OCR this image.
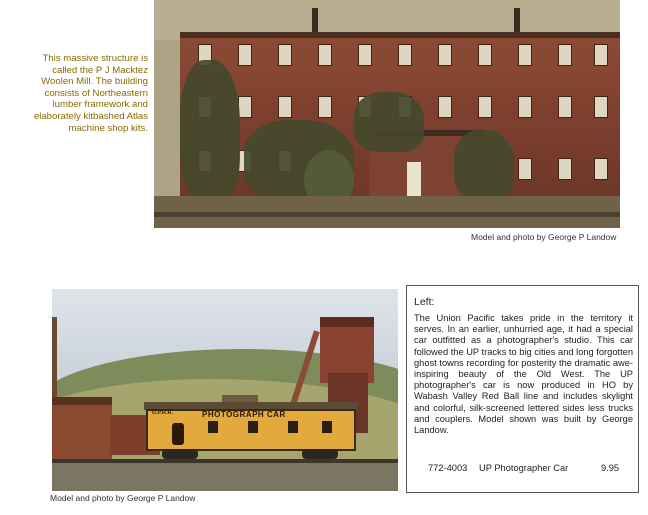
This massive structure is called the P J Macktez Woolen Mill. The building consists of Northeastern lumber framework and elaborately kitbashed Atlas machine shop kits.
Model and photo by George P Landow
U.P.R.R.	PHOTOGRAPH CAR
Model and photo by George P Landow
Left:
The Union Pacific takes pride in the territory it serves. In an earlier, unhurried age, it had a special car outfitted as a photographer's studio. This car followed the UP tracks to big cities and long forgotten ghost towns recording for posterity the dramatic awe-inspiring beauty of the Old West. The UP photographer's car is now produced in HO by Wabash Valley Red Ball line and includes skylight and colorful, silk-screened lettered sides less trucks and couplers. Model shown was built by George Landow.
772-4003 UP Photographer Car	9.95
